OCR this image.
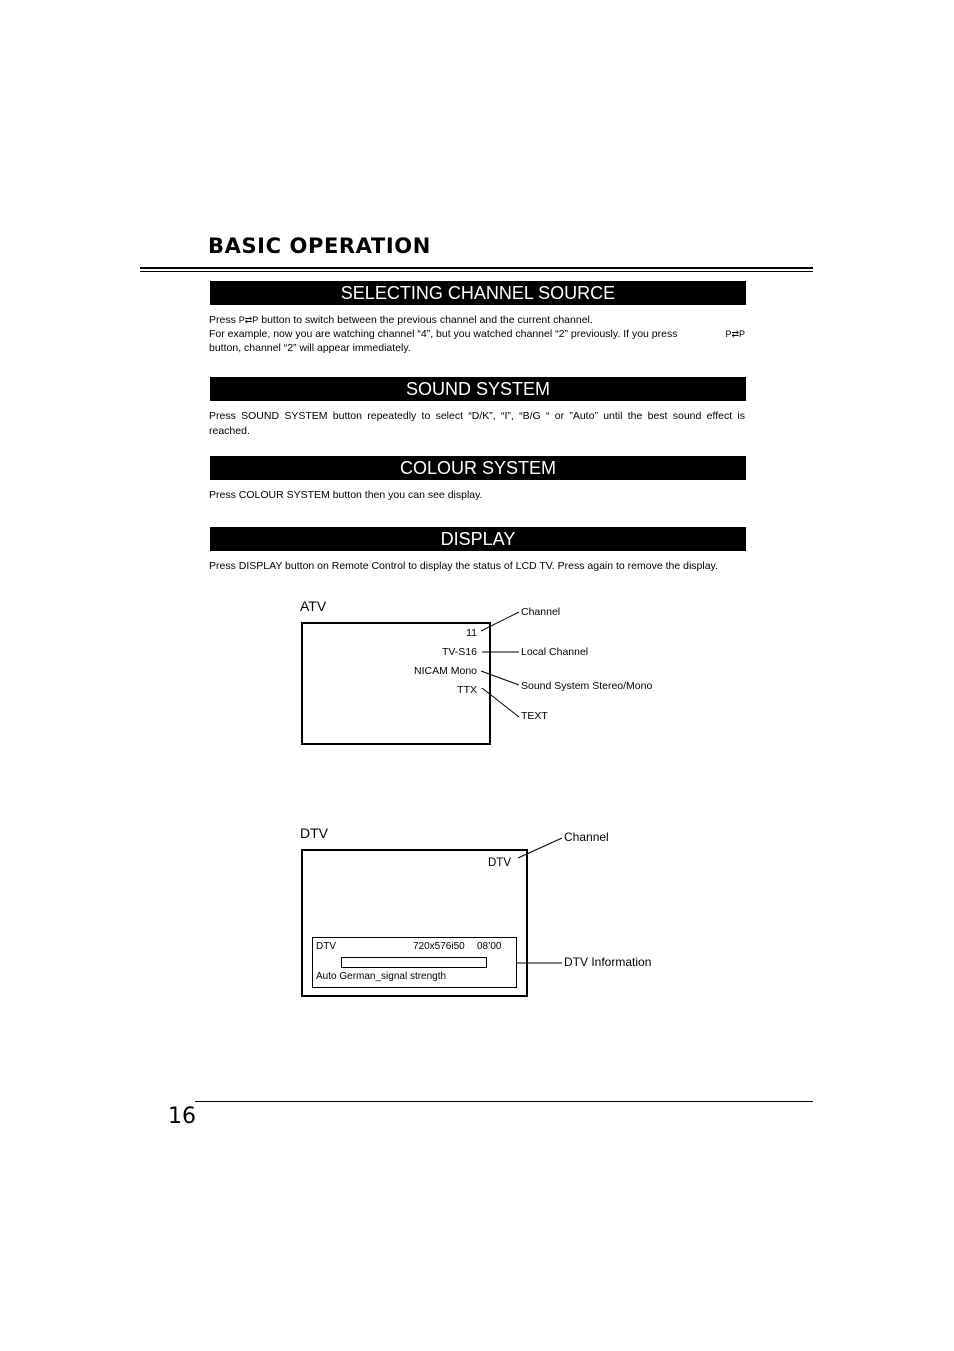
BASIC OPERATION
SELECTING CHANNEL SOURCE
Press P⇄P button to switch between the previous channel and the current channel.
For example, now you are watching channel “4”, but you watched channel “2” previously. If you press	P⇄P
button, channel “2” will appear immediately.
SOUND SYSTEM
Press SOUND SYSTEM button repeatedly to select “D/K”, “I”, “B/G “ or ”Auto” until the best sound effect is reached.
COLOUR SYSTEM
Press COLOUR SYSTEM button then you can see display.
DISPLAY
Press DISPLAY button on Remote Control to display the status of LCD TV. Press again to remove the display.
ATV
11
TV-S16
NICAM Mono
TTX
Channel
Local Channel
Sound System Stereo/Mono
TEXT
DTV
DTV
DTV	720x576i50 08’00
Auto German_signal strength
Channel
DTV Information
16
